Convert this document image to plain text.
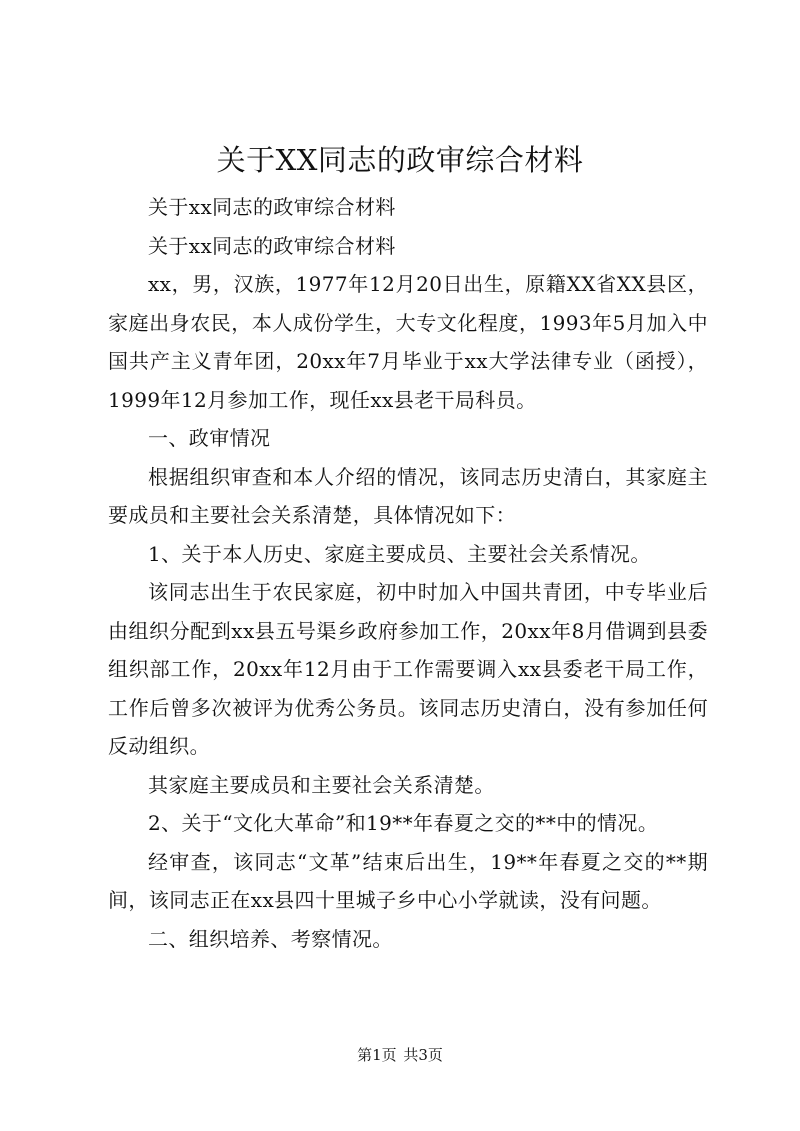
关于XX同志的政审综合材料

关于xx同志的政审综合材料

关于xx同志的政审综合材料

xx，男，汉族，1977年12月20日出生，原籍XX省XX县区，家庭出身农民，本人成份学生，大专文化程度，1993年5月加入中国共产主义青年团，20xx年7月毕业于xx大学法律专业（函授），1999年12月参加工作，现任xx县老干局科员。

一、政审情况

根据组织审查和本人介绍的情况，该同志历史清白，其家庭主要成员和主要社会关系清楚，具体情况如下：

1、关于本人历史、家庭主要成员、主要社会关系情况。

该同志出生于农民家庭，初中时加入中国共青团，中专毕业后由组织分配到xx县五号渠乡政府参加工作，20xx年8月借调到县委组织部工作，20xx年12月由于工作需要调入xx县委老干局工作，工作后曾多次被评为优秀公务员。该同志历史清白，没有参加任何反动组织。

其家庭主要成员和主要社会关系清楚。

2、关于“文化大革命”和19**年春夏之交的**中的情况。

经审查，该同志“文革”结束后出生，19**年春夏之交的**期间，该同志正在xx县四十里城子乡中心小学就读，没有问题。

二、组织培养、考察情况。

第1页 共3页
